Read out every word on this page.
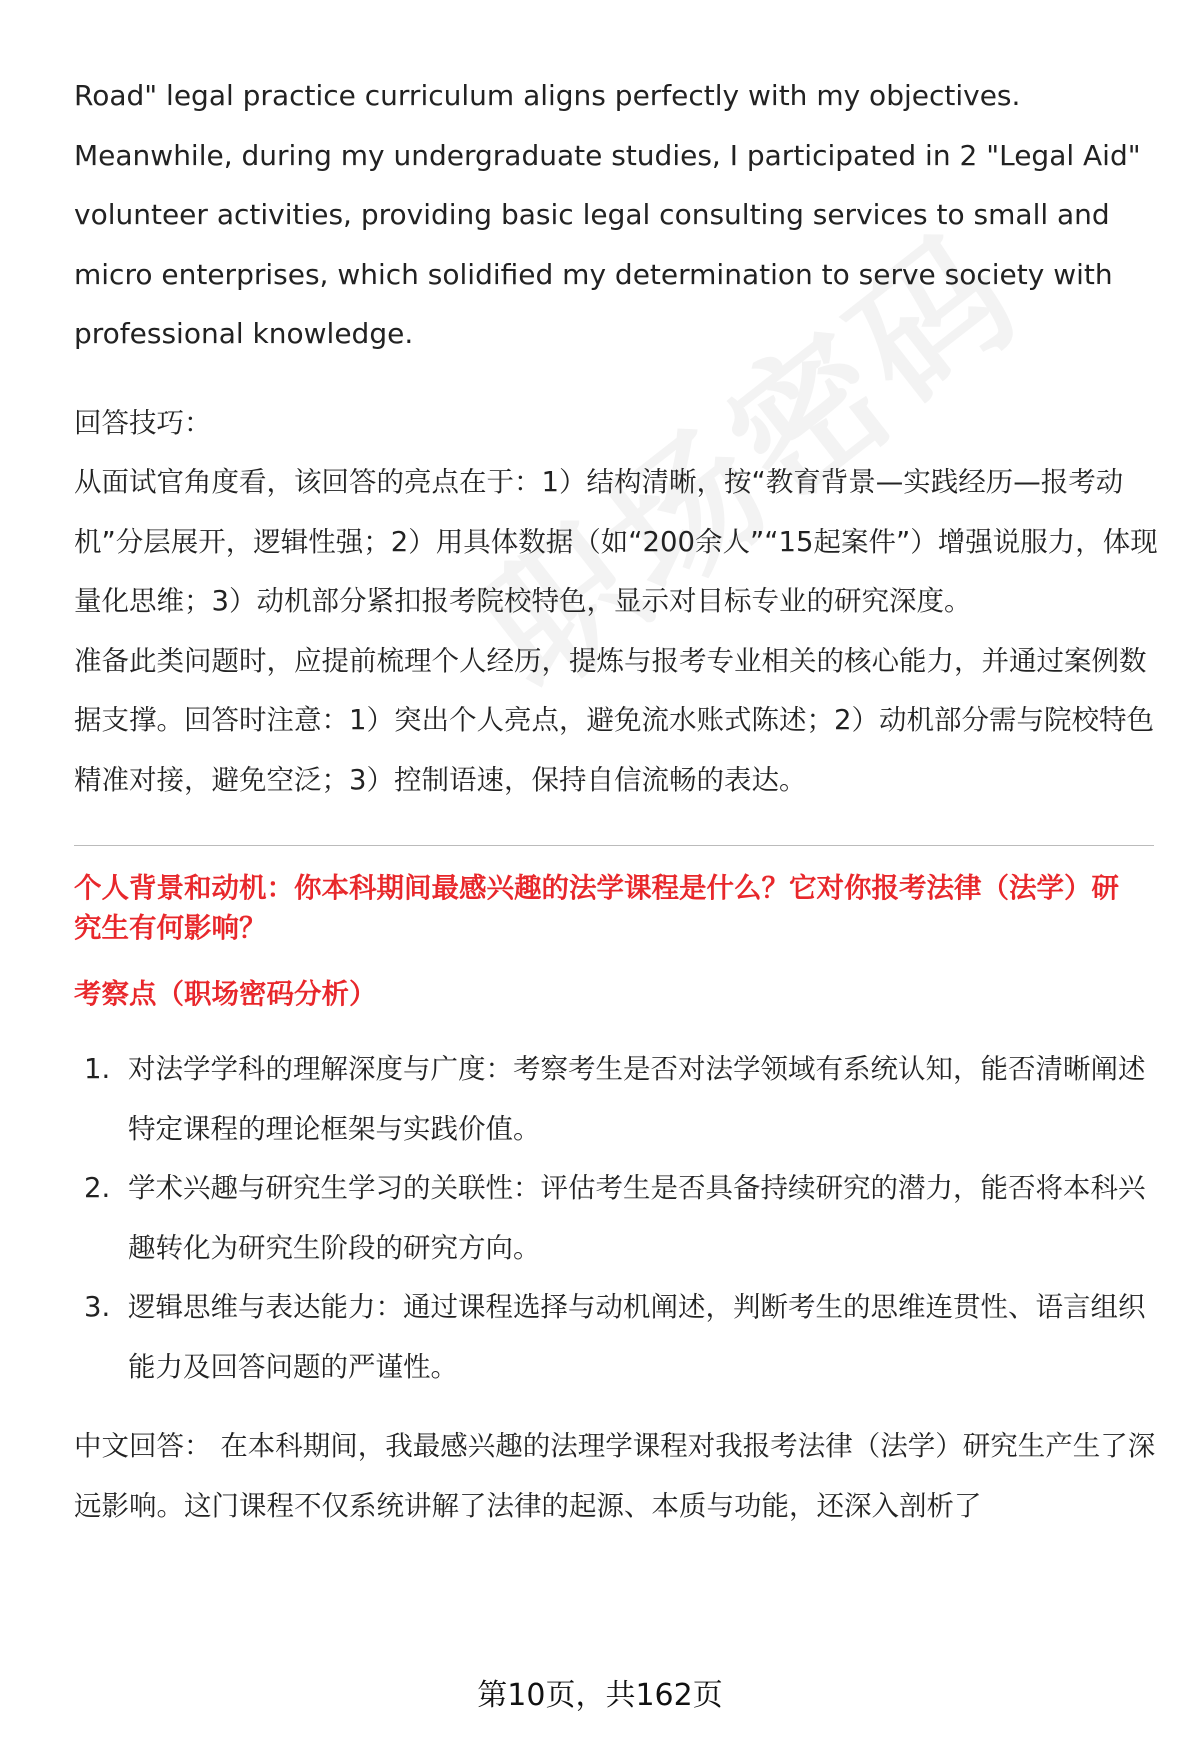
Road" legal practice curriculum aligns perfectly with my objectives. Meanwhile, during my undergraduate studies, I participated in 2 "Legal Aid" volunteer activities, providing basic legal consulting services to small and micro enterprises, which solidified my determination to serve society with professional knowledge.

回答技巧：

从面试官角度看，该回答的亮点在于：1）结构清晰，按“教育背景—实践经历—报考动机”分层展开，逻辑性强；2）用具体数据（如“200余人”“15起案件”）增强说服力，体现量化思维；3）动机部分紧扣报考院校特色，显示对目标专业的研究深度。

准备此类问题时，应提前梳理个人经历，提炼与报考专业相关的核心能力，并通过案例数据支撑。回答时注意：1）突出个人亮点，避免流水账式陈述；2）动机部分需与院校特色精准对接，避免空泛；3）控制语速，保持自信流畅的表达。

个人背景和动机：你本科期间最感兴趣的法学课程是什么？它对你报考法律（法学）研究生有何影响？
考察点（职场密码分析）
1. 对法学学科的理解深度与广度：考察考生是否对法学领域有系统认知，能否清晰阐述特定课程的理论框架与实践价值。
2. 学术兴趣与研究生学习的关联性：评估考生是否具备持续研究的潜力，能否将本科兴趣转化为研究生阶段的研究方向。
3. 逻辑思维与表达能力：通过课程选择与动机阐述，判断考生的思维连贯性、语言组织能力及回答问题的严谨性。

中文回答： 在本科期间，我最感兴趣的法理学课程对我报考法律（法学）研究生产生了深远影响。这门课程不仅系统讲解了法律的起源、本质与功能，还深入剖析了

第10页，共162页
